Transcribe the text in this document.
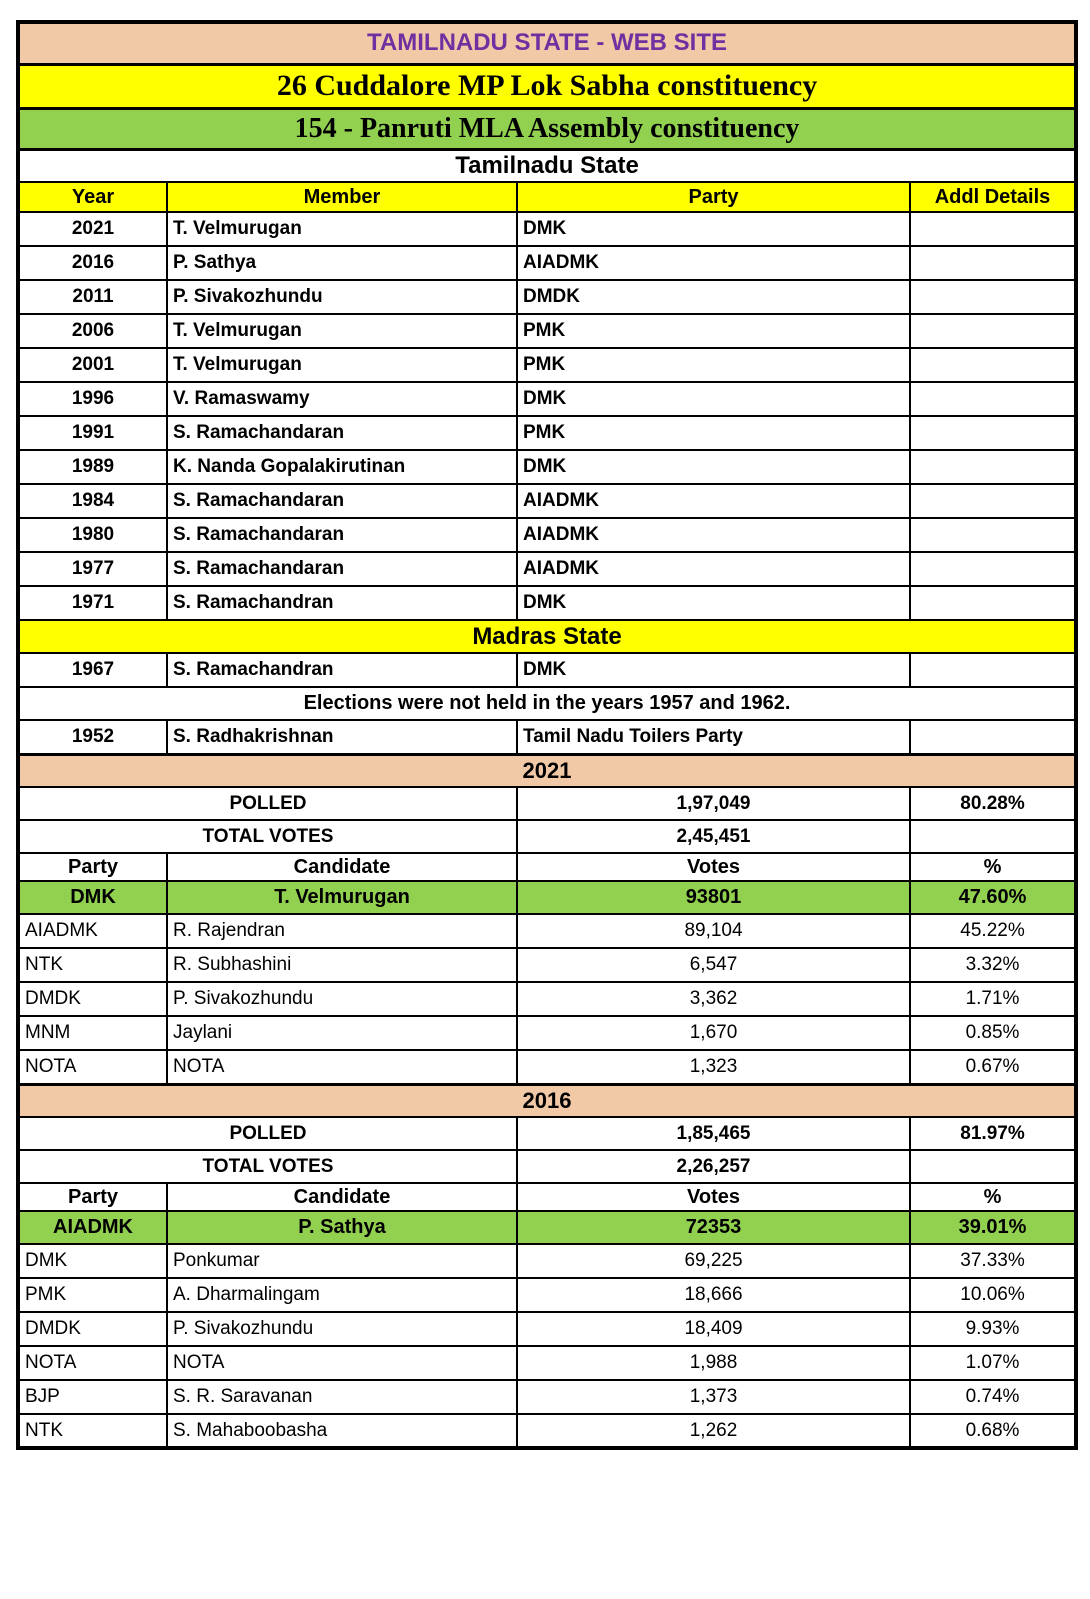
TAMILNADU STATE - WEB SITE			
26 Cuddalore MP Lok Sabha constituency			
154 - Panruti MLA Assembly constituency			
Tamilnadu State			
Year	Member	Party	Addl Details
2021	T. Velmurugan	DMK	
2016	P. Sathya	AIADMK	
2011	P. Sivakozhundu	DMDK	
2006	T. Velmurugan	PMK	
2001	T. Velmurugan	PMK	
1996	V. Ramaswamy	DMK	
1991	S. Ramachandaran	PMK	
1989	K. Nanda Gopalakirutinan	DMK	
1984	S. Ramachandaran	AIADMK	
1980	S. Ramachandaran	AIADMK	
1977	S. Ramachandaran	AIADMK	
1971	S. Ramachandran	DMK	
Madras State			
1967	S. Ramachandran	DMK	
Elections were not held in the years 1957 and 1962.			
1952	S. Radhakrishnan	Tamil Nadu Toilers Party	
2021			
POLLED		1,97,049	80.28%
TOTAL VOTES		2,45,451	
Party	Candidate	Votes	%
DMK	T. Velmurugan	93801	47.60%
AIADMK	R. Rajendran	89,104	45.22%
NTK	R. Subhashini	6,547	3.32%
DMDK	P. Sivakozhundu	3,362	1.71%
MNM	Jaylani	1,670	0.85%
NOTA	NOTA	1,323	0.67%
2016			
POLLED		1,85,465	81.97%
TOTAL VOTES		2,26,257	
Party	Candidate	Votes	%
AIADMK	P. Sathya	72353	39.01%
DMK	Ponkumar	69,225	37.33%
PMK	A. Dharmalingam	18,666	10.06%
DMDK	P. Sivakozhundu	18,409	9.93%
NOTA	NOTA	1,988	1.07%
BJP	S. R. Saravanan	1,373	0.74%
NTK	S. Mahaboobasha	1,262	0.68%
